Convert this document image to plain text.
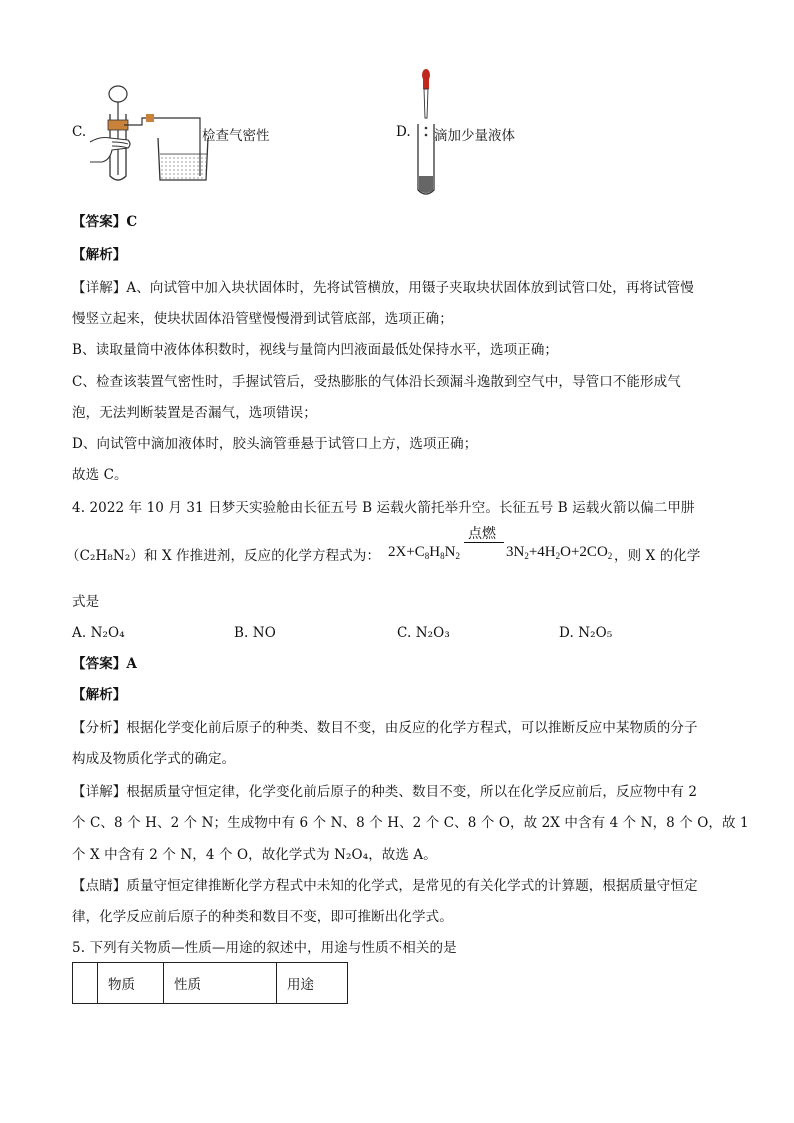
C.	检查气密性	D. 滴加少量液体
【答案】C
【解析】
【详解】A、向试管中加入块状固体时，先将试管横放，用镊子夹取块状固体放到试管口处，再将试管慢
慢竖立起来，使块状固体沿管壁慢慢滑到试管底部，选项正确；
B、读取量筒中液体体积数时，视线与量筒内凹液面最低处保持水平，选项正确；
C、检查该装置气密性时，手握试管后，受热膨胀的气体沿长颈漏斗逸散到空气中，导管口不能形成气
泡，无法判断装置是否漏气，选项错误；
D、向试管中滴加液体时，胶头滴管垂悬于试管口上方，选项正确；
故选 C。
4. 2022 年 10 月 31 日梦天实验舱由长征五号 B 运载火箭托举升空。长征五号 B 运载火箭以偏二甲肼
（C₂H₈N₂）和 X 作推进剂，反应的化学方程式为： $2X+C_8H_8N_2$
点燃
$3N_2+4H_2O+2CO_2$ ，则 X 的化学
式是
A. N₂O₄	B. NO	C. N₂O₃	D. N₂O₅
【答案】A
【解析】
【分析】根据化学变化前后原子的种类、数目不变，由反应的化学方程式，可以推断反应中某物质的分子
构成及物质化学式的确定。
【详解】根据质量守恒定律，化学变化前后原子的种类、数目不变，所以在化学反应前后，反应物中有 2
个 C、8 个 H、2 个 N；生成物中有 6 个 N、8 个 H、2 个 C、8 个 O，故 2X 中含有 4 个 N，8 个 O，故 1
个 X 中含有 2 个 N，4 个 O，故化学式为 N₂O₄，故选 A。
【点睛】质量守恒定律推断化学方程式中未知的化学式，是常见的有关化学式的计算题，根据质量守恒定
律，化学反应前后原子的种类和数目不变，即可推断出化学式。
5. 下列有关物质—性质—用途的叙述中，用途与性质不相关的是
	物质	性质	用途
